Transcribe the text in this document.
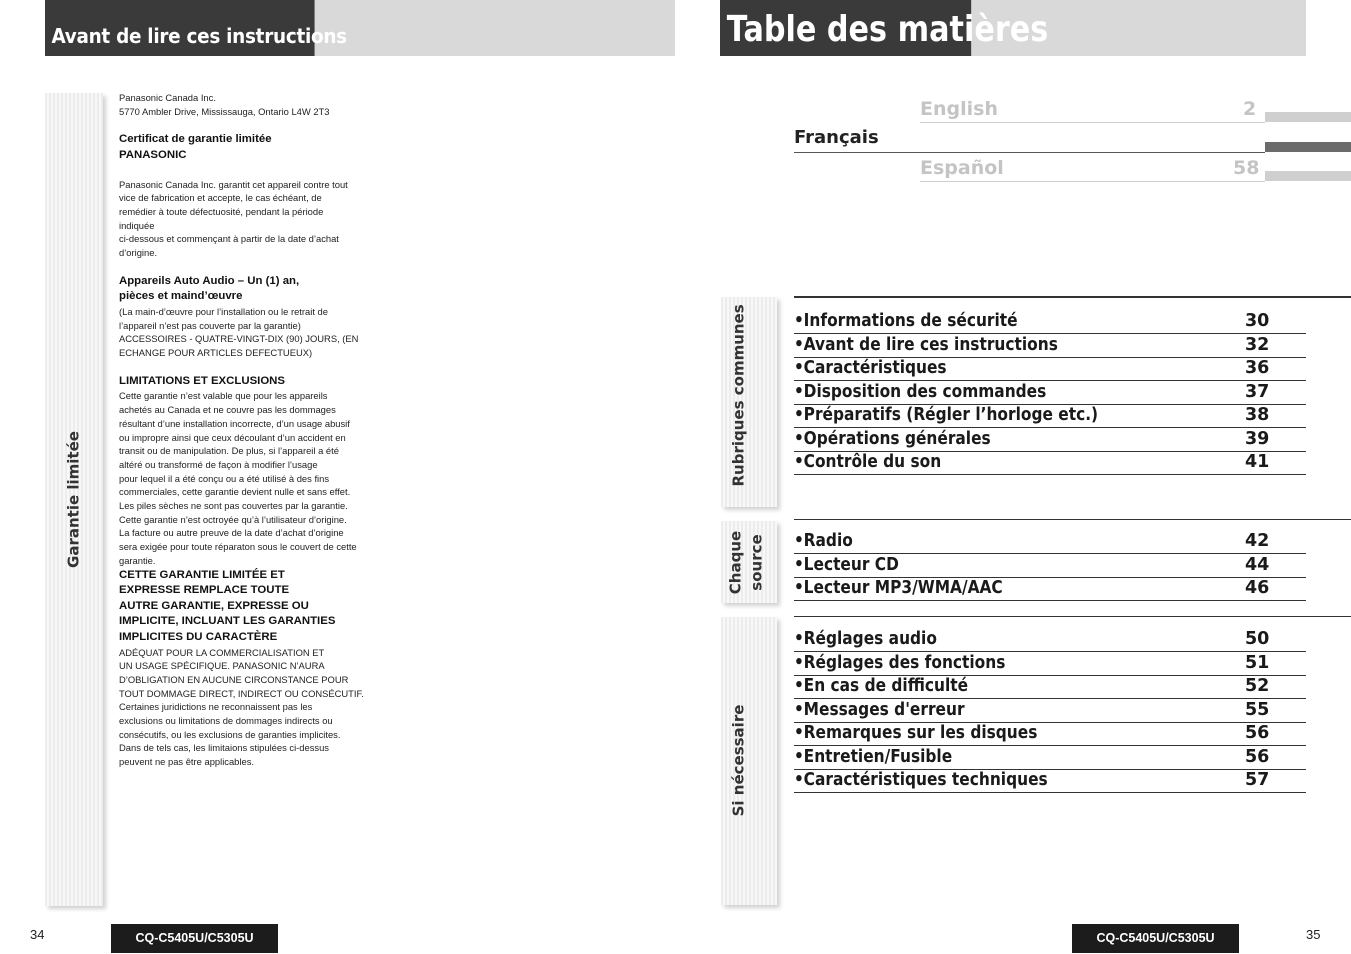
Avant de lire ces instructions
Garantie limitée

Panasonic Canada Inc.

5770 Ambler Drive, Mississauga, Ontario L4W 2T3

Certificat de garantie limitée

PANASONIC

Panasonic Canada Inc. garantit cet appareil contre tout

vice de fabrication et accepte, le cas échéant, de

remédier à toute défectuosité, pendant la période

indiquée

ci-dessous et commençant à partir de la date d’achat

d’origine.

Appareils Auto Audio – Un (1) an,

pièces et maind’œuvre

(La main-d’œuvre pour l’installation ou le retrait de

l’appareil n’est pas couverte par la garantie)

ACCESSOIRES - QUATRE-VINGT-DIX (90) JOURS, (EN

ECHANGE POUR ARTICLES DEFECTUEUX)

LIMITATIONS ET EXCLUSIONS

Cette garantie n’est valable que pour les appareils

achetés au Canada et ne couvre pas les dommages

résultant d’une installation incorrecte, d’un usage abusif

ou impropre ainsi que ceux découlant d’un accident en

transit ou de manipulation. De plus, si l’appareil a été

altéré ou transformé de façon à modifier l’usage

pour lequel il a été conçu ou a été utilisé à des fins

commerciales, cette garantie devient nulle et sans effet.

Les piles sèches ne sont pas couvertes par la garantie.

Cette garantie n’est octroyée qu’à l’utilisateur d’origine.

La facture ou autre preuve de la date d’achat d’origine

sera exigée pour toute réparaton sous le couvert de cette

garantie.

CETTE GARANTIE LIMITÉE ET

EXPRESSE REMPLACE TOUTE

AUTRE GARANTIE, EXPRESSE OU

IMPLICITE, INCLUANT LES GARANTIES

IMPLICITES DU CARACTÈRE

ADÉQUAT POUR LA COMMERCIALISATION ET

UN USAGE SPÉCIFIQUE. PANASONIC N’AURA

D’OBLIGATION EN AUCUNE CIRCONSTANCE POUR

TOUT DOMMAGE DIRECT, INDIRECT OU CONSÉCUTIF.

Certaines juridictions ne reconnaissent pas les

exclusions ou limitations de dommages indirects ou

consécutifs, ou les exclusions de garanties implicites.

Dans de tels cas, les limitaions stipulées ci-dessus

peuvent ne pas être applicables.

34	CQ-C5405U/C5305U
Table des matières
English	2
Français
Español	58
Rubriques communes	•Informations de sécurité	30
•Avant de lire ces instructions	32
•Caractéristiques	36
•Disposition des commandes	37
•Préparatifs (Régler l’horloge etc.)	38
•Opérations générales	39
•Contrôle du son	41
Chaque source •Radio	42
•Lecteur CD	44
•Lecteur MP3/WMA/AAC	46
Si nécessaire
•Réglages audio	50
•Réglages des fonctions	51
•En cas de difficulté	52
•Messages d'erreur	55
•Remarques sur les disques	56
•Entretien/Fusible	56
•Caractéristiques techniques	57
CQ-C5405U/C5305U	35
